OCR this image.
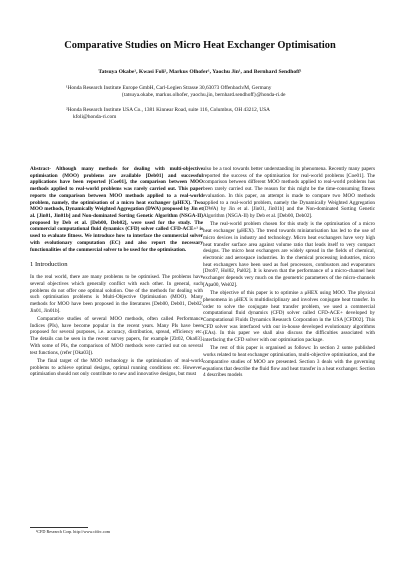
Comparative Studies on Micro Heat Exchanger Optimisation
Tatsuya Okabe¹, Kwasi Foli², Markus Olhofer¹, Yaochu Jin¹, and Bernhard Sendhoff¹
¹Honda Research Institute Europe GmbH, Carl-Legien Strasse 30,63073 Offenbach/M, Germany
{tatsuya.okabe, markus.olhofer, yaochu.jin, bernhard.sendhoff}@honda-ri.de
²Honda Research Institute USA Co., 1381 Kinnear Road, suite 116, Columbus, OH 43212, USA
kfoli@honda-ri.com

Abstract- Although many methods for dealing with multi-objective optimisation (MOO) problems are available [Deb01] and successful applications have been reported [Coe01], the comparison between MOO methods applied to real-world problems was rarely carried out. This paper reports the comparison between MOO methods applied to a real-world problem, namely, the optimisation of a micro heat exchanger (μHEX). Two MOO methods, Dynamically Weighted Aggregation (DWA) proposed by Jin et al. [Jin01, Jin01b] and Non-dominated Sorting Genetic Algorithm (NSGA-II) proposed by Deb et al. [Deb00, Deb02], were used for the study. The commercial computational fluid dynamics (CFD) solver called CFD-ACE+¹ is used to evaluate fitness. We introduce how to interface the commercial solver with evolutionary computation (EC) and also report the necessary functionalities of the commercial solver to be used for the optimisation.

1 Introduction

In the real world, there are many problems to be optimised. The problems have several objectives which generally conflict with each other. In general, such problems do not offer one optimal solution. One of the methods for dealing with such optimisation problems is Multi-Objective Optimisation (MOO). Many methods for MOO have been proposed in the literatures [Deb00, Deb01, Deb02, Jin01, Jin01b].

Comparative studies of several MOO methods, often called Performance Indices (PIs), have become popular in the recent years. Many PIs have been proposed for several purposes, i.e. accuracy, distribution, spread, efficiency etc. The details can be seen in the recent survey papers, for example [Zit02, Oka03]. With some of PIs, the comparison of MOO methods were carried out on several test functions, (refer [Oka03]).

The final target of the MOO technology is the optimisation of real-world problems to achieve optimal designs, optimal running conditions etc. However, optimisation should not only contribute to new and innovative designs, but must

also be a tool towards better understanding its phenomena. Recently many papers reported the success of the optimisation for real-world problems [Coe01]. The comparison between different MOO methods applied to real-world problems has been rarely carried out. The reason for this might be the time-consuming fitness evaluation. In this paper, an attempt is made to compare two MOO methods applied to a real-world problem, namely the Dynamically Weighted Aggregation (DWA) by Jin et al. [Jin01, Jin01b] and the Non-dominated Sorting Genetic Algorithm (NSGA-II) by Deb et al. [Deb00, Deb02].

The real-world problem chosen for this study is the optimisation of a micro heat exchanger (μHEX). The trend towards miniaturisation has led to the use of micro devices in industry and technology. Micro heat exchangers have very high heat transfer surface area against volume ratio that leads itself to very compact designs. The micro heat exchangers are widely spread in the fields of chemical, electronic and aerospace industries. In the chemical processing industries, micro heat exchangers have been used as fuel processors, combustors and evaporators [Dro97, Hol02, Pal02]. It is known that the performance of a micro-channel heat exchanger depends very much on the geometric parameters of the micro-channels [Apa00, Wei02].

The objective of this paper is to optimise a μHEX using MOO. The physical phenomena in μHEX is multidisciplinary and involves conjugate heat transfer. In order to solve the conjugate heat transfer problem, we used a commercial computational fluid dynamics (CFD) solver called CFD-ACE+ developed by Computational Fluids Dynamics Research Corporation in the USA [CFD02]. This CFD solver was interfaced with our in-house developed evolutionary algorithms (EAs). In this paper we shall also discuss the difficulties associated with interfacing the CFD solver with our optimisation package.

The rest of this paper is organised as follows: In section 2 some published works related to heat exchanger optimisation, multi-objective optimisation, and the comparative studies of MOO are presented. Section 3 deals with the governing equations that describe the fluid flow and heat transfer in a heat exchanger. Section 4 describes models

¹CFD Research Corp. http://www.cfdrc.com
